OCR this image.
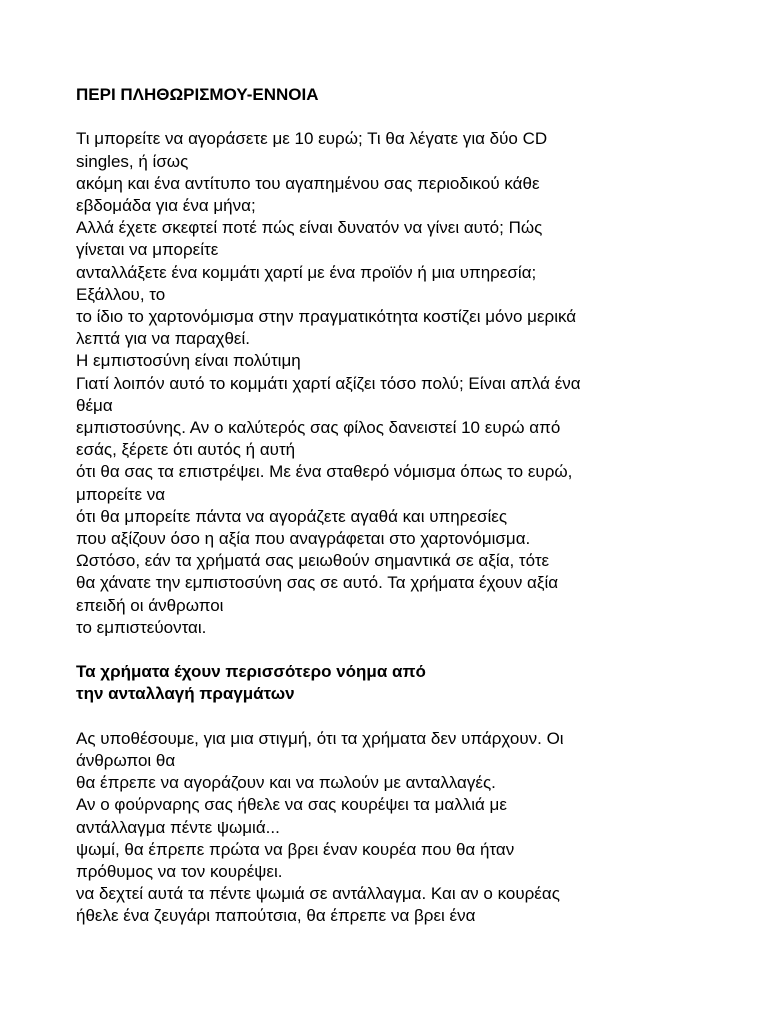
ΠΕΡΙ ΠΛΗΘΩΡΙΣΜΟΥ-ΕΝΝΟΙΑ

Τι μπορείτε να αγοράσετε με 10 ευρώ; Τι θα λέγατε για δύο CD

singles, ή ίσως

ακόμη και ένα αντίτυπο του αγαπημένου σας περιοδικού κάθε

εβδομάδα για ένα μήνα;

Αλλά έχετε σκεφτεί ποτέ πώς είναι δυνατόν να γίνει αυτό; Πώς

γίνεται να μπορείτε

ανταλλάξετε ένα κομμάτι χαρτί με ένα προϊόν ή μια υπηρεσία;

Εξάλλου, το

το ίδιο το χαρτονόμισμα στην πραγματικότητα κοστίζει μόνο μερικά

λεπτά για να παραχθεί.

Η εμπιστοσύνη είναι πολύτιμη

Γιατί λοιπόν αυτό το κομμάτι χαρτί αξίζει τόσο πολύ; Είναι απλά ένα

θέμα

εμπιστοσύνης. Αν ο καλύτερός σας φίλος δανειστεί 10 ευρώ από

εσάς, ξέρετε ότι αυτός ή αυτή

ότι θα σας τα επιστρέψει. Με ένα σταθερό νόμισμα όπως το ευρώ,

μπορείτε να

ότι θα μπορείτε πάντα να αγοράζετε αγαθά και υπηρεσίες

που αξίζουν όσο η αξία που αναγράφεται στο χαρτονόμισμα.

Ωστόσο, εάν τα χρήματά σας μειωθούν σημαντικά σε αξία, τότε

θα χάνατε την εμπιστοσύνη σας σε αυτό. Τα χρήματα έχουν αξία

επειδή οι άνθρωποι

το εμπιστεύονται.

Τα χρήματα έχουν περισσότερο νόημα από

την ανταλλαγή πραγμάτων

Ας υποθέσουμε, για μια στιγμή, ότι τα χρήματα δεν υπάρχουν. Οι

άνθρωποι θα

θα έπρεπε να αγοράζουν και να πωλούν με ανταλλαγές.

Αν ο φούρναρης σας ήθελε να σας κουρέψει τα μαλλιά με

αντάλλαγμα πέντε ψωμιά...

ψωμί, θα έπρεπε πρώτα να βρει έναν κουρέα που θα ήταν

πρόθυμος να τον κουρέψει.

να δεχτεί αυτά τα πέντε ψωμιά σε αντάλλαγμα. Και αν ο κουρέας

ήθελε ένα ζευγάρι παπούτσια, θα έπρεπε να βρει ένα
